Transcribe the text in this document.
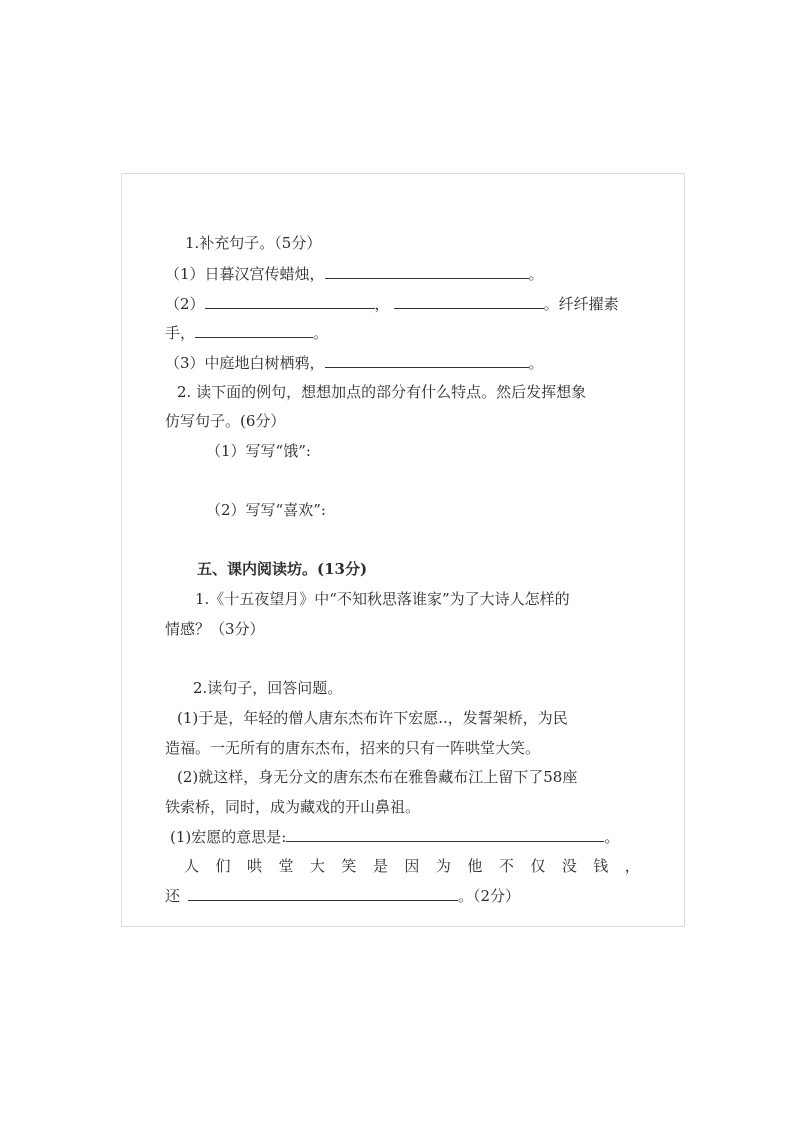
1.补充句子。（5分）
（1）日暮汉宫传蜡烛，	。
（2）	，	。纤纤擢素
手，	。
（3）中庭地白树栖鸦，	。
2. 读下面的例句，想想加点的部分有什么特点。然后发挥想象
仿写句子。(6分）
（1）写写“饿”:
（2）写写“喜欢”:
五、课内阅读坊。(13分)
1.《十五夜望月》中“不知秋思落谁家”为了大诗人怎样的
情感？（3分）
2.读句子，回答问题。
(1)于是，年轻的僧人唐东杰布许下宏愿..，发誓架桥，为民
造福。一无所有的唐东杰布，招来的只有一阵哄堂大笑。
(2)就这样，身无分文的唐东杰布在雅鲁藏布江上留下了58座
铁索桥，同时，成为藏戏的开山鼻祖。
(1)宏愿的意思是:	。
人 们 哄 堂 大 笑 是 因 为 他 不 仅 没 钱 ，
还	。（2分）
